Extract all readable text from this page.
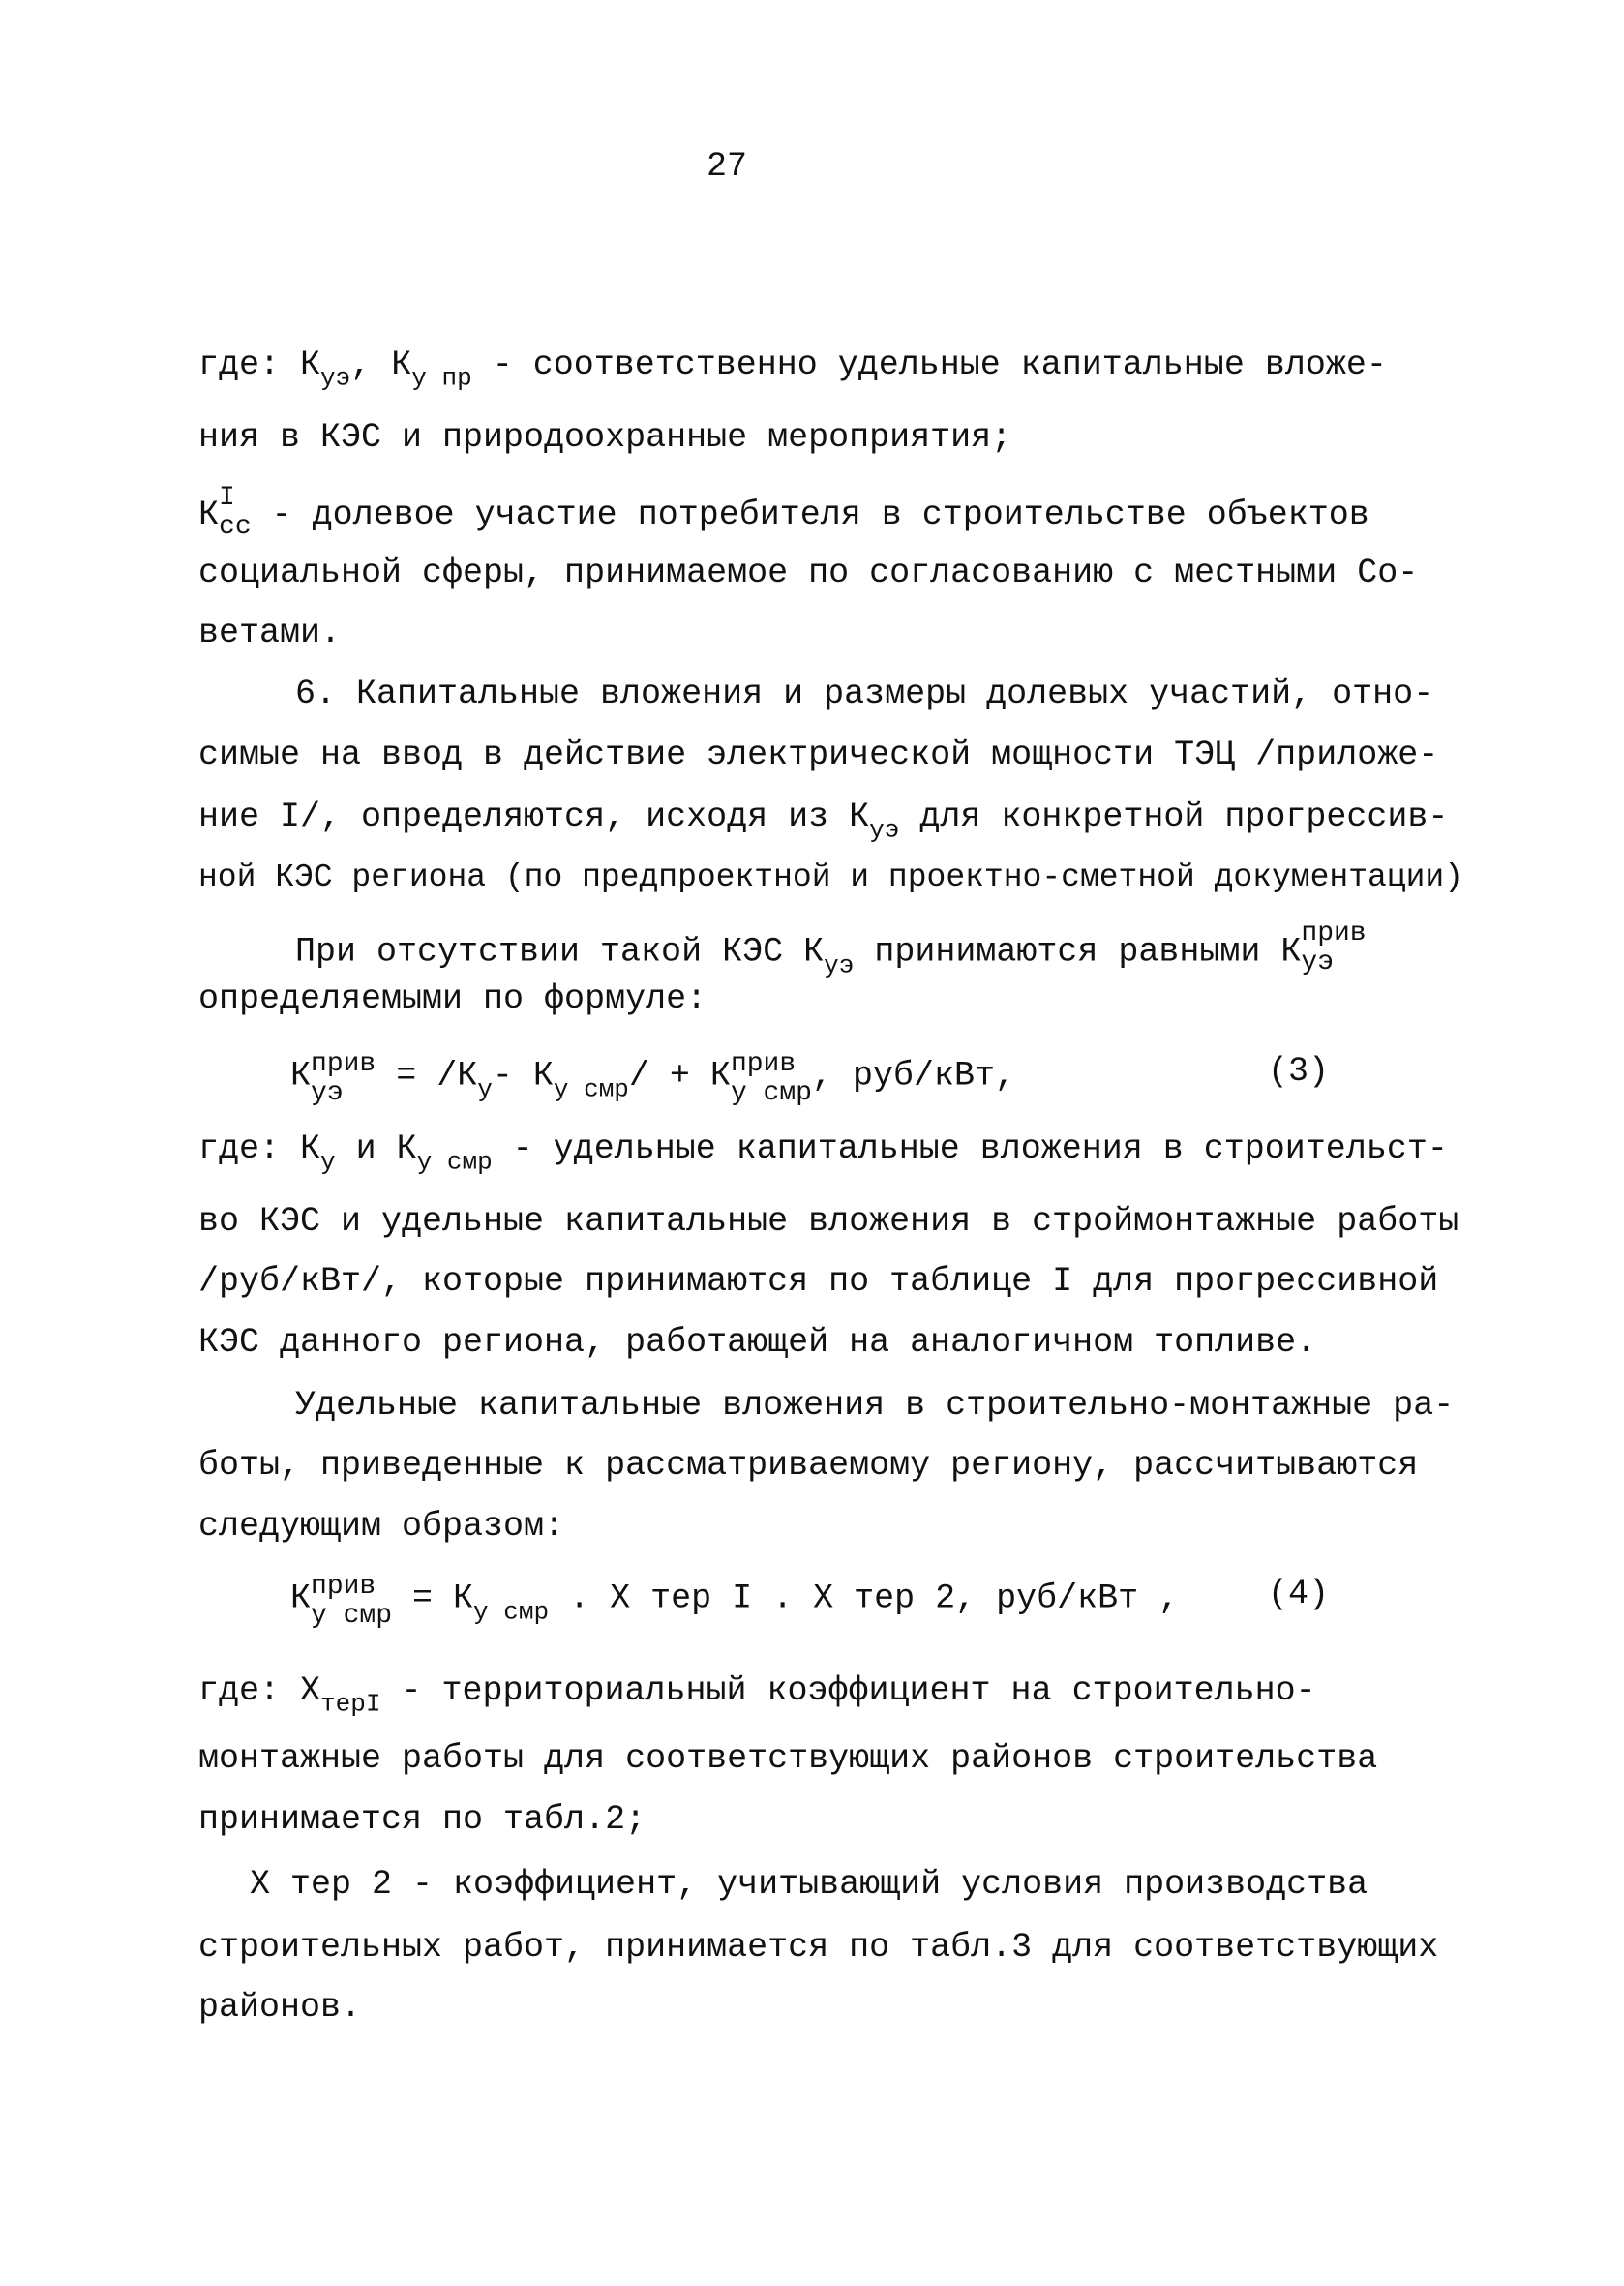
27
где: $К_{уэ}$, $К_{у пр}$ - соответственно удельные капитальные вложе-
ния в КЭС и природоохранные мероприятия;
К I
сс - долевое участие потребителя в строительстве объектов
социальной сферы, принимаемое по согласованию с местными Со-
ветами.
6. Капитальные вложения и размеры долевых участий, отно-
симые на ввод в действие электрической мощности ТЭЦ /приложе-
ние I/, определяются, исходя из $К_{уэ}$ для конкретной прогрессив-
ной КЭС региона (по предпроектной и проектно-сметной документации)
При отсутствии такой КЭС $К_{уэ}$ принимаются равными К прив
уэ
определяемыми по формуле:
К прив
уэ = $/К_у-$ $К_{у смр}/ + К$ прив
у смр , руб/кВт,	(3)
где: $К_у$ и $К_{у смр}$ - удельные капитальные вложения в строительст-
во КЭС и удельные капитальные вложения в строймонтажные работы
/руб/кВт/, которые принимаются по таблице I для прогрессивной
КЭС данного региона, работающей на аналогичном топливе.
Удельные капитальные вложения в строительно-монтажные ра-
боты, приведенные к рассматриваемому региону, рассчитываются
следующим образом:
К прив
у смр = $К_{у смр}$ . Х тер I . Х тер 2, руб/кВт ,	(4)
где: $Х_{терI}$ - территориальный коэффициент на строительно-
монтажные работы для соответствующих районов строительства
принимается по табл.2;
Х тер 2 - коэффициент, учитывающий условия производства
строительных работ, принимается по табл.3 для соответствующих
районов.
